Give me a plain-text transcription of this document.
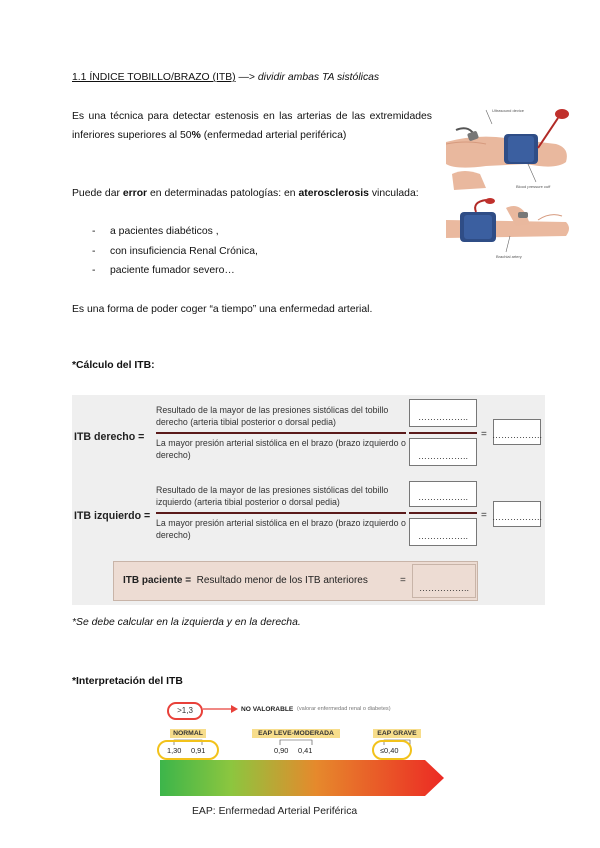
1.1 ÍNDICE TOBILLO/BRAZO (ITB) —> dividir ambas TA sistólicas

Es una técnica para detectar estenosis en las arterias de las extremidades inferiores superiores al 50% (enfermedad arterial periférica)

Puede dar error en determinadas patologías: en aterosclerosis vinculada:

- a pacientes diabéticos ,
- con insuficiencia Renal Crónica,
- paciente fumador severo…

Es una forma de poder coger “a tiempo” una enfermedad arterial.

Ultrasound device
Blood pressure cuff
Brachial artery
*Cálculo del ITB:
ITB derecho =
Resultado de la mayor de las presiones sistólicas del tobillo derecho (arteria tibial posterior o dorsal pedia)
La mayor presión arterial sistólica en el brazo (brazo izquierdo o derecho)
……………..
……………..
= ……………..
ITB izquierdo =
Resultado de la mayor de las presiones sistólicas del tobillo izquierdo (arteria tibial posterior o dorsal pedia)
La mayor presión arterial sistólica en el brazo (brazo izquierdo o derecho)
……………..
……………..
= ……………..
ITB paciente = Resultado menor de los ITB anteriores	=
……………..
*Se debe calcular en la izquierda y en la derecha.
*Interpretación del ITB
>1,3	NO VALORABLE (valorar enfermedad renal o diabetes)
NORMAL	EAP LEVE-MODERADA	EAP GRAVE
1,30 0,91	0,90 0,41	≤0,40
EAP: Enfermedad Arterial Periférica
